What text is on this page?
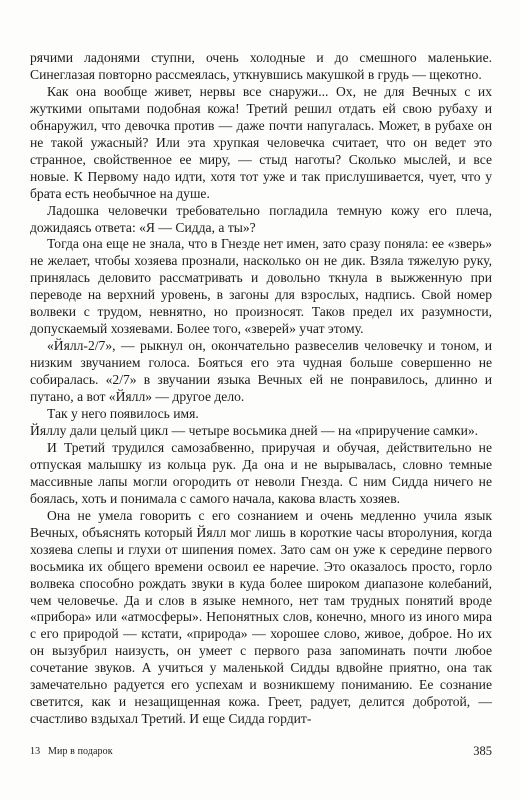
рячими ладонями ступни, очень холодные и до смешного маленькие. Синеглазая повторно рассмеялась, уткнувшись макушкой в грудь — щекотно.

Как она вообще живет, нервы все снаружи... Ох, не для Вечных с их жуткими опытами подобная кожа! Третий решил отдать ей свою рубаху и обнаружил, что девочка против — даже почти напугалась. Может, в рубахе он не такой ужасный? Или эта хрупкая человечка считает, что он ведет это странное, свойственное ее миру, — стыд наготы? Сколько мыслей, и все новые. К Первому надо идти, хотя тот уже и так прислушивается, чует, что у брата есть необычное на душе.

Ладошка человечки требовательно погладила темную кожу его плеча, дожидаясь ответа: «Я — Сидда, а ты»?

Тогда она еще не знала, что в Гнезде нет имен, зато сразу поняла: ее «зверь» не желает, чтобы хозяева прознали, насколько он не дик. Взяла тяжелую руку, принялась деловито рассматривать и довольно ткнула в выжженную при переводе на верхний уровень, в загоны для взрослых, надпись. Свой номер волвеки с трудом, невнятно, но произносят. Таков предел их разумности, допускаемый хозяевами. Более того, «зверей» учат этому.

«Йялл-2/7», — рыкнул он, окончательно развеселив человечку и тоном, и низким звучанием голоса. Бояться его эта чудная больше совершенно не собиралась. «2/7» в звучании языка Вечных ей не понравилось, длинно и путано, а вот «Йялл» — другое дело.

Так у него появилось имя.

Йяллу дали целый цикл — четыре восьмика дней — на «приручение самки».

И Третий трудился самозабвенно, приручая и обучая, действительно не отпуская малышку из кольца рук. Да она и не вырывалась, словно темные массивные лапы могли огородить от неволи Гнезда. С ним Сидда ничего не боялась, хоть и понимала с самого начала, какова власть хозяев.

Она не умела говорить с его сознанием и очень медленно учила язык Вечных, объяснять который Йялл мог лишь в короткие часы второлуния, когда хозяева слепы и глухи от шипения помех. Зато сам он уже к середине первого восьмика их общего времени освоил ее наречие. Это оказалось просто, горло волвека способно рождать звуки в куда более широком диапазоне колебаний, чем человечье. Да и слов в языке немного, нет там трудных понятий вроде «прибора» или «атмосферы». Непонятных слов, конечно, много из иного мира с его природой — кстати, «природа» — хорошее слово, живое, доброе. Но их он вызубрил наизусть, он умеет с первого раза запоминать почти любое сочетание звуков. А учиться у маленькой Сидды вдвойне приятно, она так замечательно радуется его успехам и возникшему пониманию. Ее сознание светится, как и незащищенная кожа. Греет, радует, делится добротой, — счастливо вздыхал Третий. И еще Сидда гордит-

13   Мир в подарок	385
